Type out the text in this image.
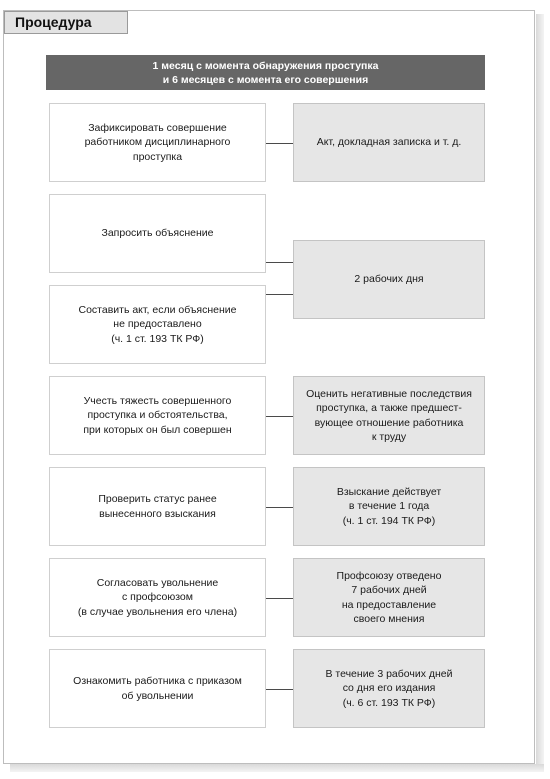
Процедура
1 месяц с момента обнаружения проступка
и 6 месяцев с момента его совершения
Зафиксировать совершение
работником дисциплинарного
проступка
Акт, докладная записка и т. д.
Запросить объяснение
Составить акт, если объяснение
не предоставлено
(ч. 1 ст. 193 ТК РФ)
2 рабочих дня
Учесть тяжесть совершенного
проступка и обстоятельства,
при которых он был совершен
Оценить негативные последствия
проступка, а также предшест-
вующее отношение работника
к труду
Проверить статус ранее
вынесенного взыскания
Взыскание действует
в течение 1 года
(ч. 1 ст. 194 ТК РФ)
Согласовать увольнение
с профсоюзом
(в случае увольнения его члена)
Профсоюзу отведено
7 рабочих дней
на предоставление
своего мнения
Ознакомить работника с приказом
об увольнении
В течение 3 рабочих дней
со дня его издания
(ч. 6 ст. 193 ТК РФ)
